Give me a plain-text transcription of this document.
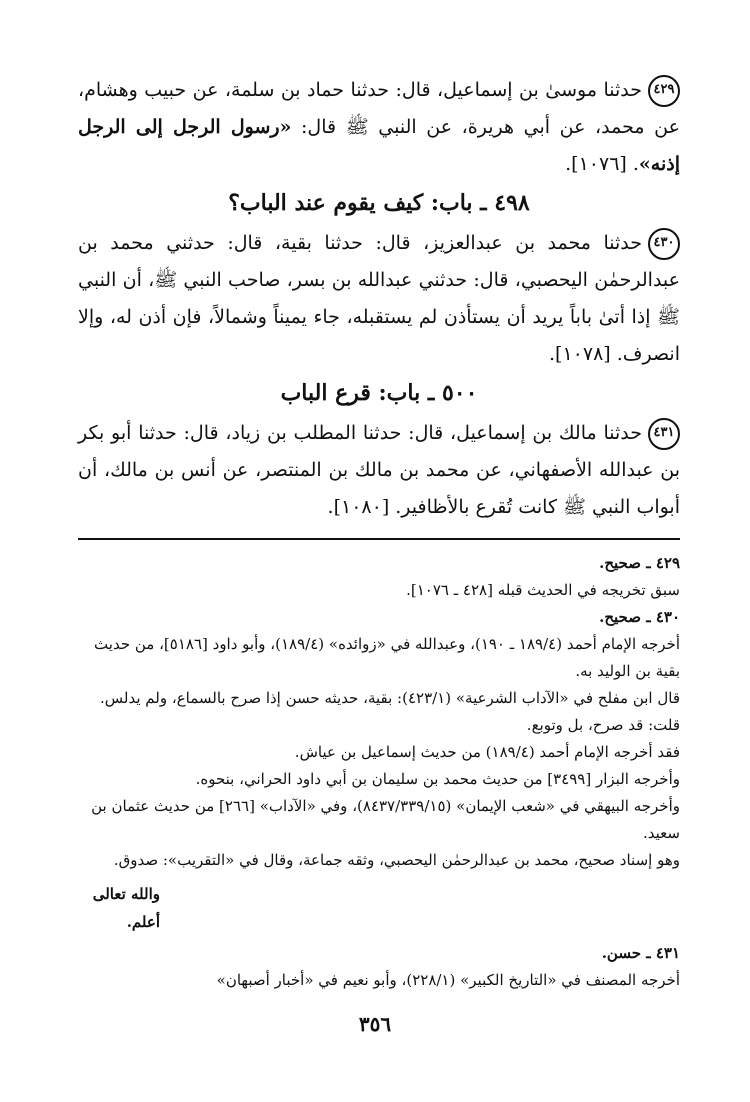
٤٢٩حدثنا موسىٰ بن إسماعيل، قال: حدثنا حماد بن سلمة، عن حبيب وهشام، عن محمد، عن أبي هريرة، عن النبي ﷺ قال: «رسول الرجل إلى الرجل إذنه». [١٠٧٦].

٤٩٨ ـ باب: كيف يقوم عند الباب؟

٤٣٠حدثنا محمد بن عبدالعزيز، قال: حدثنا بقية، قال: حدثني محمد بن عبدالرحمٰن اليحصبي، قال: حدثني عبدالله بن بسر، صاحب النبي ﷺ، أن النبي ﷺ إذا أتىٰ باباً يريد أن يستأذن لم يستقبله، جاء يميناً وشمالاً، فإن أذن له، وإلا انصرف. [١٠٧٨].

٥٠٠ ـ باب: قرع الباب

٤٣١حدثنا مالك بن إسماعيل، قال: حدثنا المطلب بن زياد، قال: حدثنا أبو بكر بن عبدالله الأصفهاني، عن محمد بن مالك بن المنتصر، عن أنس بن مالك، أن أبواب النبي ﷺ كانت تُقرع بالأظافير. [١٠٨٠].

٤٢٩ ـ صحيح.

سبق تخريجه في الحديث قبله [٤٢٨ ـ ١٠٧٦].

٤٣٠ ـ صحيح.

أخرجه الإمام أحمد (١٨٩/٤ ـ ١٩٠)، وعبدالله في «زوائده» (١٨٩/٤)، وأبو داود [٥١٨٦]، من حديث بقية بن الوليد به.

قال ابن مفلح في «الآداب الشرعية» (٤٢٣/١): بقية، حديثه حسن إذا صرح بالسماع، ولم يدلس.

قلت: قد صرح، بل وتوبع.

فقد أخرجه الإمام أحمد (١٨٩/٤) من حديث إسماعيل بن عياش.

وأخرجه البزار [٣٤٩٩] من حديث محمد بن سليمان بن أبي داود الحراني، بنحوه.

وأخرجه البيهقي في «شعب الإيمان» (٨٤٣٧/٣٣٩/١٥)، وفي «الآداب» [٢٦٦] من حديث عثمان بن سعيد.

وهو إسناد صحيح، محمد بن عبدالرحمٰن اليحصبي، وثقه جماعة، وقال في «التقريب»: صدوق.

والله تعالى أعلم.

٤٣١ ـ حسن.

أخرجه المصنف في «التاريخ الكبير» (٢٢٨/١)، وأبو نعيم في «أخبار أصبهان»

٣٥٦
